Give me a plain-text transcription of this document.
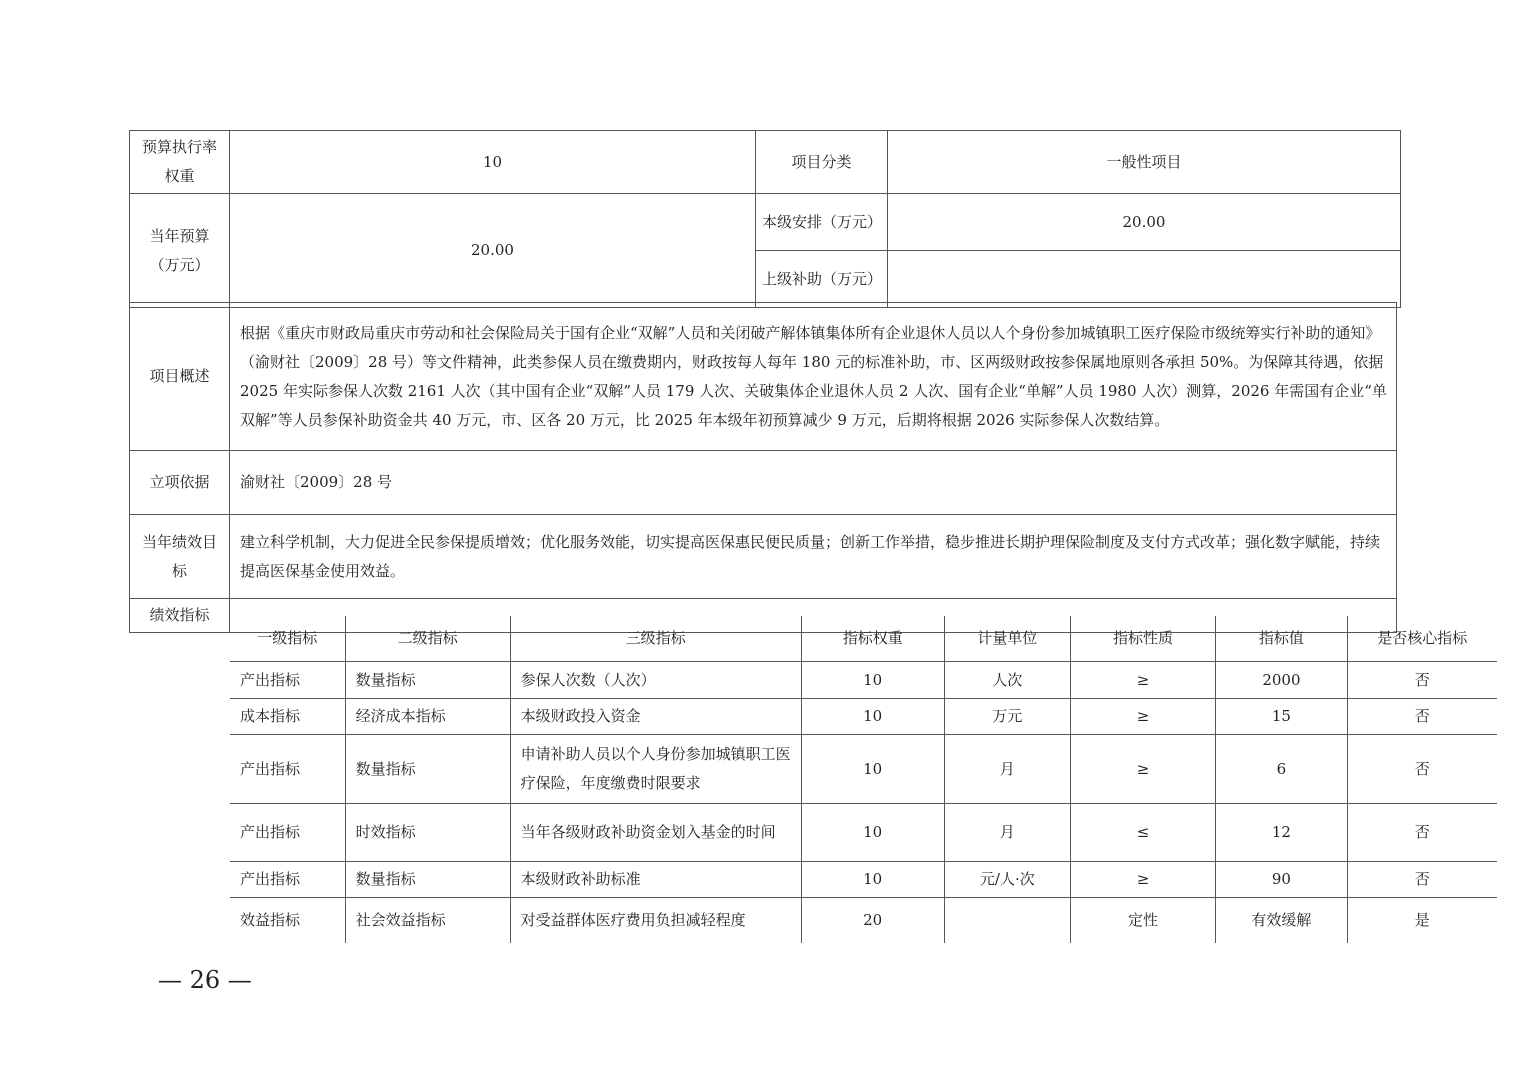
预算执行率权重	10	项目分类	一般性项目
当年预算（万元）	20.00	本级安排（万元）	20.00
		上级补助（万元）	
项目概述	根据《重庆市财政局重庆市劳动和社会保险局关于国有企业“双解”人员和关闭破产解体镇集体所有企业退休人员以人个身份参加城镇职工医疗保险市级统筹实行补助的通知》（渝财社〔2009〕28 号）等文件精神，此类参保人员在缴费期内，财政按每人每年 180 元的标准补助，市、区两级财政按参保属地原则各承担 50%。为保障其待遇，依据 2025 年实际参保人次数 2161 人次（其中国有企业“双解”人员 179 人次、关破集体企业退休人员 2 人次、国有企业“单解”人员 1980 人次）测算，2026 年需国有企业“单双解”等人员参保补助资金共 40 万元，市、区各 20 万元，比 2025 年本级年初预算减少 9 万元，后期将根据 2026 实际参保人次数结算。
立项依据	渝财社〔2009〕28 号
当年绩效目标	建立科学机制，大力促进全民参保提质增效；优化服务效能，切实提高医保惠民便民质量；创新工作举措，稳步推进长期护理保险制度及支付方式改革；强化数字赋能，持续提高医保基金使用效益。
绩效指标	
一级指标	二级指标	三级指标	指标权重	计量单位	指标性质	指标值	是否核心指标
产出指标	数量指标	参保人次数（人次）	10	人次	≥	2000	否
成本指标	经济成本指标	本级财政投入资金	10	万元	≥	15	否
产出指标	数量指标	申请补助人员以个人身份参加城镇职工医疗保险，年度缴费时限要求	10	月	≥	6	否
产出指标	时效指标	当年各级财政补助资金划入基金的时间	10	月	≤	12	否
产出指标	数量指标	本级财政补助标准	10	元/人·次	≥	90	否
效益指标	社会效益指标	对受益群体医疗费用负担减轻程度	20		定性	有效缓解	是
— 26 —
